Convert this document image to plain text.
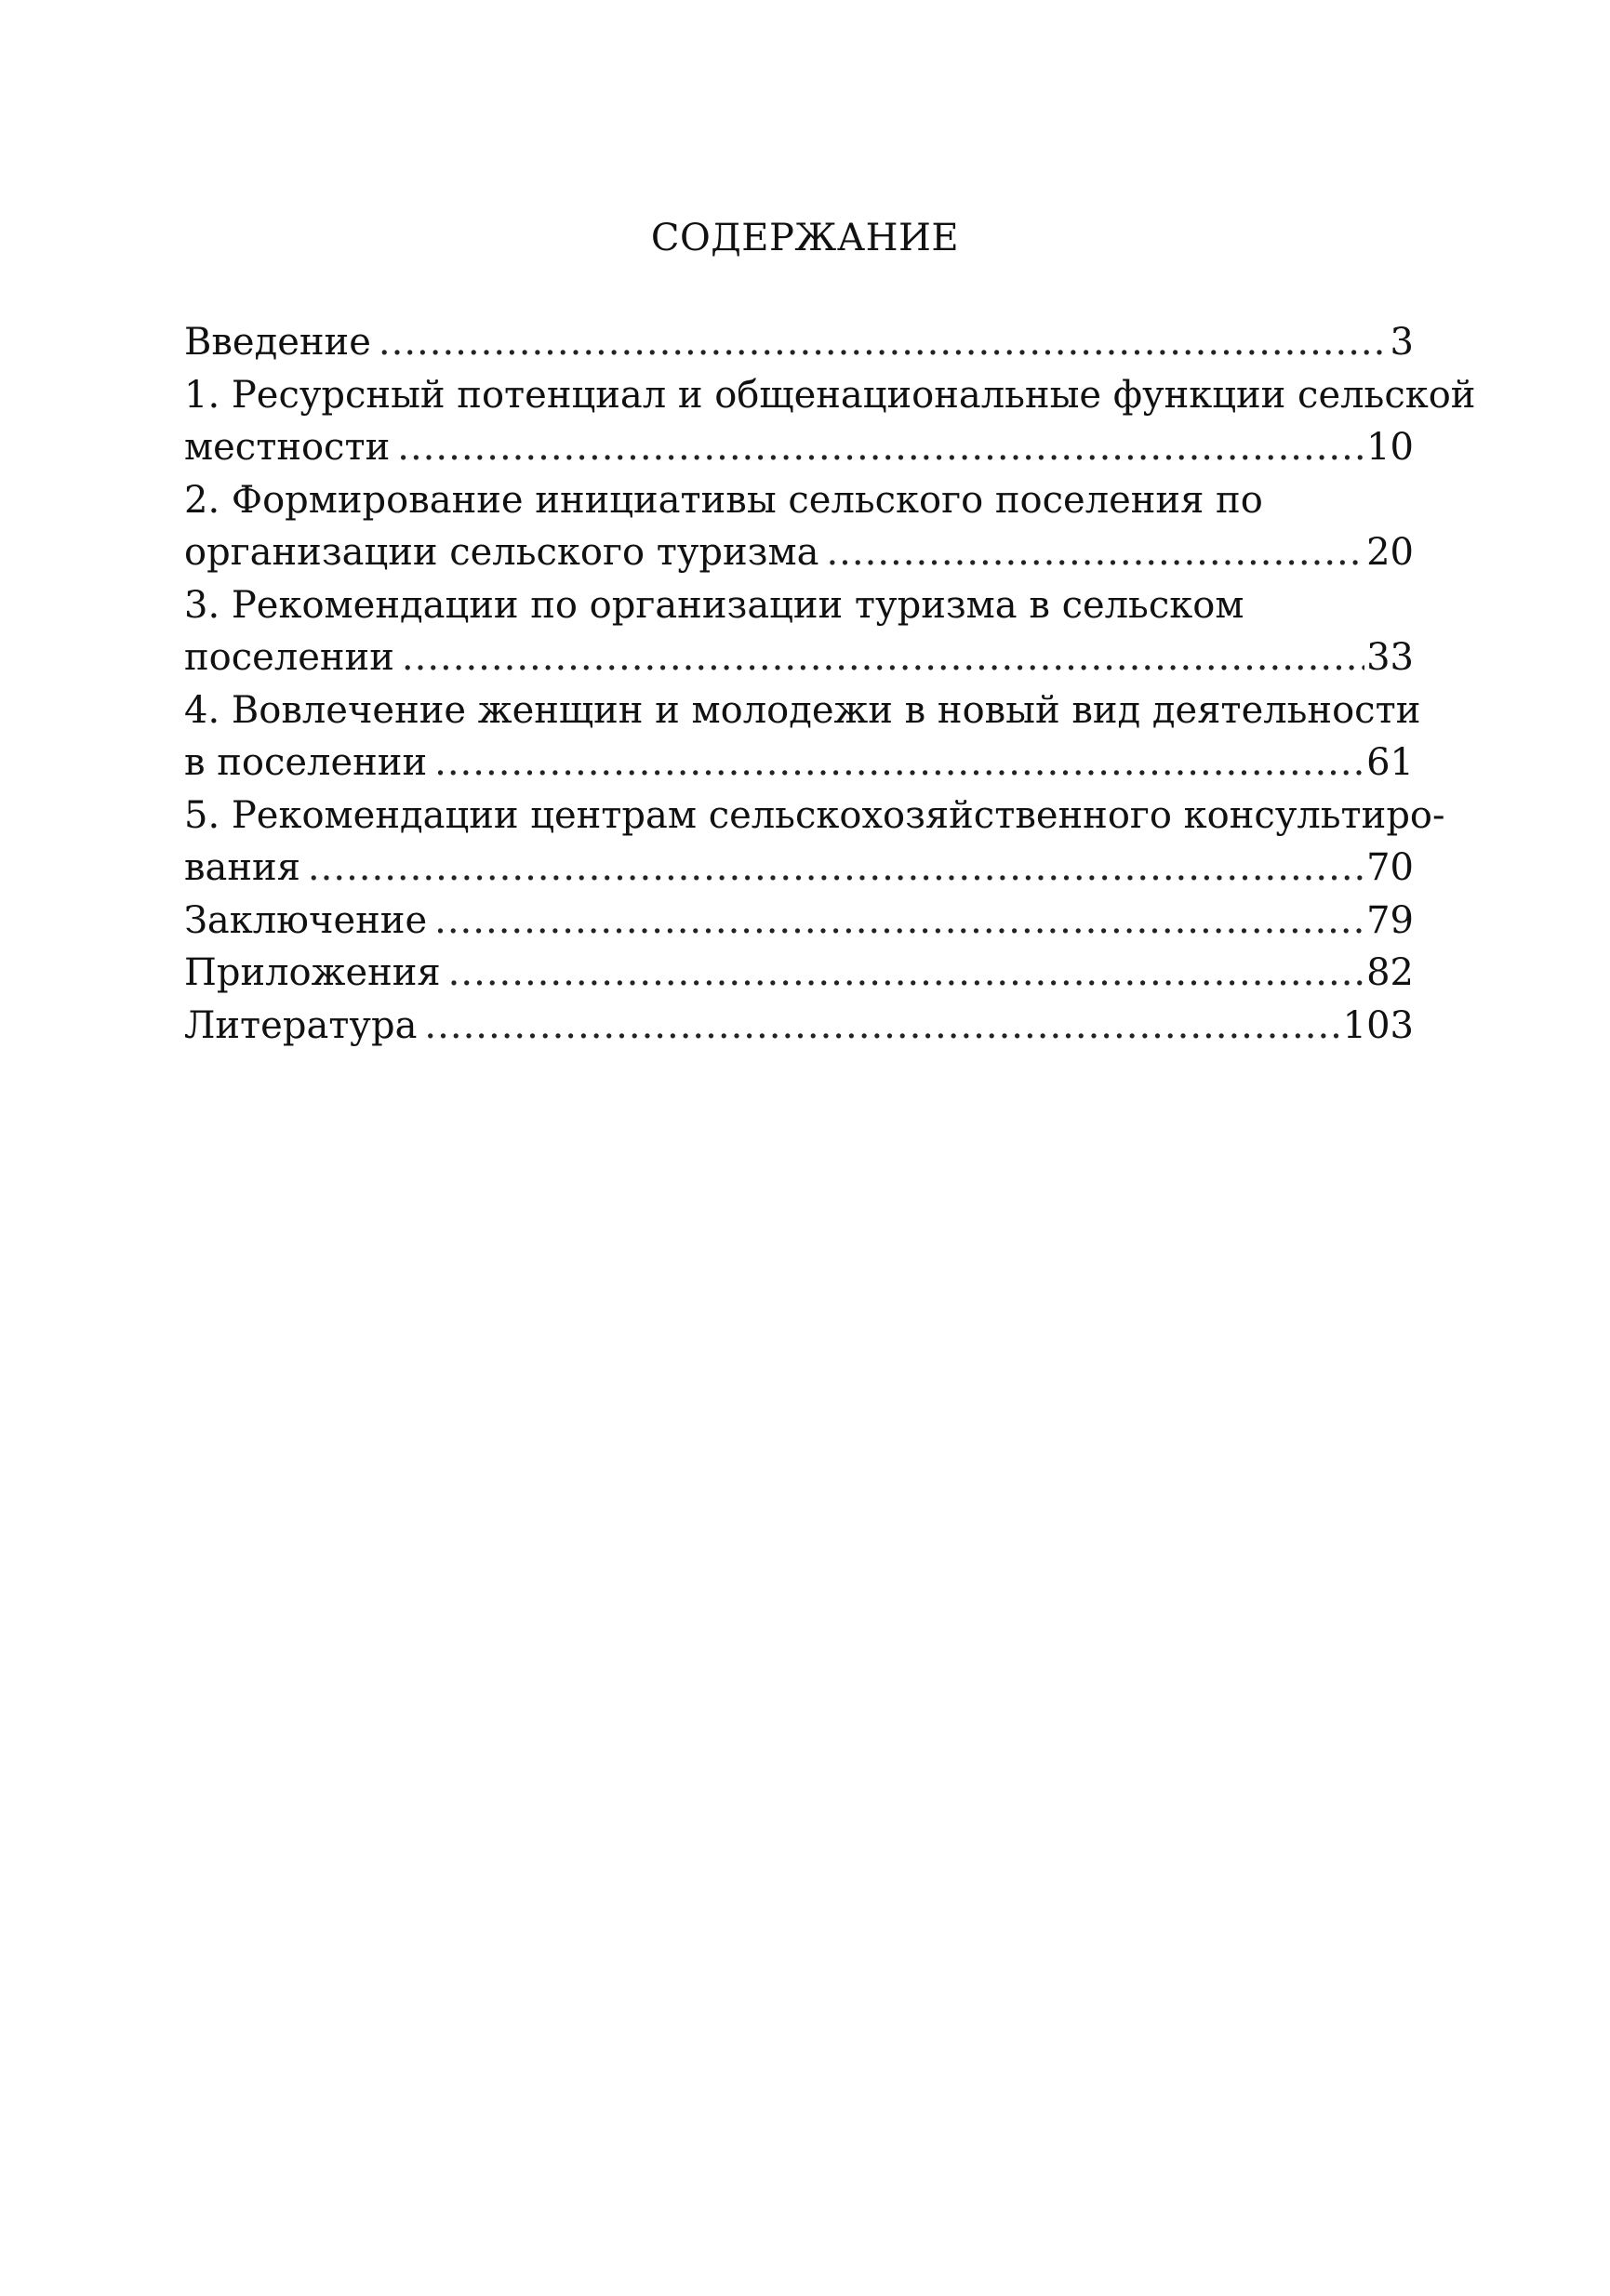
СОДЕРЖАНИЕ
Введение .....	3
1. Ресурсный потенциал и общенациональные функции сельской
местности .....	10
2. Формирование инициативы сельского поселения по
организации сельского туризма .....	20
3. Рекомендации по организации туризма в сельском
поселении .....	33
4. Вовлечение женщин и молодежи в новый вид деятельности
в поселении .....	61
5. Рекомендации центрам сельскохозяйственного консультиро-
вания .....	70
Заключение .....	79
Приложения .....	82
Литература .....	103
